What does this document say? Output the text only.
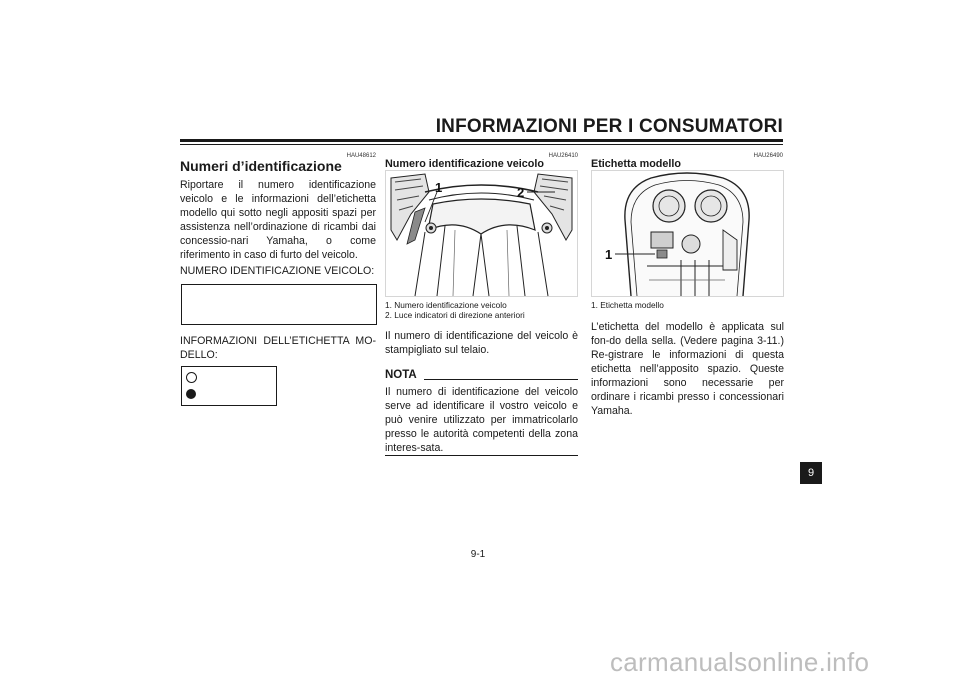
INFORMAZIONI PER I CONSUMATORI
HAU48612
Numeri d’identificazione
Riportare il numero identificazione veicolo e le informazioni dell’etichetta modello qui sotto negli appositi spazi per assistenza nell’ordinazione di ricambi dai concessio-nari Yamaha, o come riferimento in caso di furto del veicolo.
NUMERO IDENTIFICAZIONE VEICOLO:
INFORMAZIONI DELL’ETICHETTA MO-DELLO:
HAU26410
Numero identificazione veicolo
1	2
1. Numero identificazione veicolo
2. Luce indicatori di direzione anteriori
Il numero di identificazione del veicolo è stampigliato sul telaio.
NOTA
Il numero di identificazione del veicolo serve ad identificare il vostro veicolo e può venire utilizzato per immatricolarlo presso le autorità competenti della zona interes-sata.
HAU26490
Etichetta modello
1
1. Etichetta modello
L’etichetta del modello è applicata sul fon-do della sella. (Vedere pagina 3-11.) Re-gistrare le informazioni di questa etichetta nell’apposito spazio. Queste informazioni sono necessarie per ordinare i ricambi presso i concessionari Yamaha.
9
9-1
carmanualsonline.info
